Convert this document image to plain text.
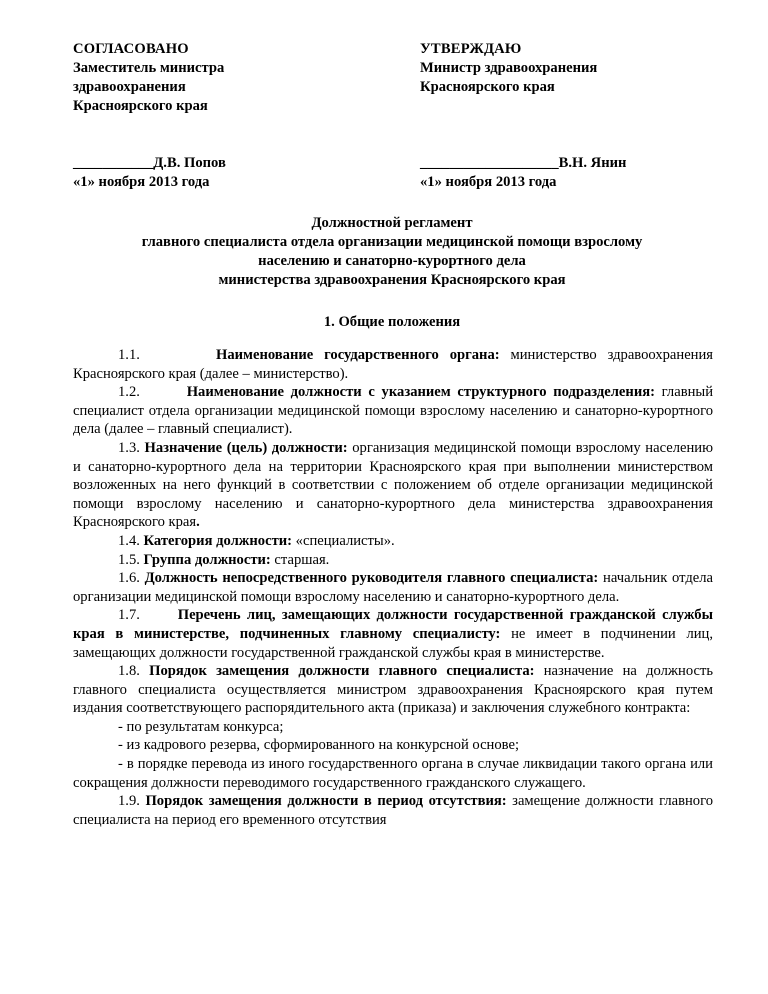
СОГЛАСОВАНО
Заместитель министра
здравоохранения
Красноярского края
___________Д.В. Попов
«1» ноября 2013 года
УТВЕРЖДАЮ
Министр здравоохранения
Красноярского края
___________________В.Н. Янин
«1» ноября 2013 года
Должностной регламент
главного специалиста отдела организации медицинской помощи взрослому
населению и санаторно-курортного дела
министерства здравоохранения Красноярского края
1. Общие положения

1.1.	Наименование государственного органа: министерство здравоохранения Красноярского края (далее – министерство).

1.2.	Наименование должности с указанием структурного подразделения: главный специалист отдела организации медицинской помощи взрослому населению и санаторно-курортного дела (далее – главный специалист).

1.3. Назначение (цель) должности: организация медицинской помощи взрослому населению и санаторно-курортного дела на территории Красноярского края при выполнении министерством возложенных на него функций в соответствии с положением об отделе организации медицинской помощи взрослому населению и санаторно-курортного дела министерства здравоохранения Красноярского края.

1.4. Категория должности: «специалисты».

1.5. Группа должности: старшая.

1.6. Должность непосредственного руководителя главного специалиста: начальник отдела организации медицинской помощи взрослому населению и санаторно-курортного дела.

1.7.	Перечень лиц, замещающих должности государственной гражданской службы края в министерстве, подчиненных главному специалисту: не имеет в подчинении лиц, замещающих должности государственной гражданской службы края в министерстве.

1.8. Порядок замещения должности главного специалиста: назначение на должность главного специалиста осуществляется министром здравоохранения Красноярского края путем издания соответствующего распорядительного акта (приказа) и заключения служебного контракта:

- по результатам конкурса;

- из кадрового резерва, сформированного на конкурсной основе;

- в порядке перевода из иного государственного органа в случае ликвидации такого органа или сокращения должности переводимого государственного гражданского служащего.

1.9. Порядок замещения должности в период отсутствия: замещение должности главного специалиста на период его временного отсутствия
